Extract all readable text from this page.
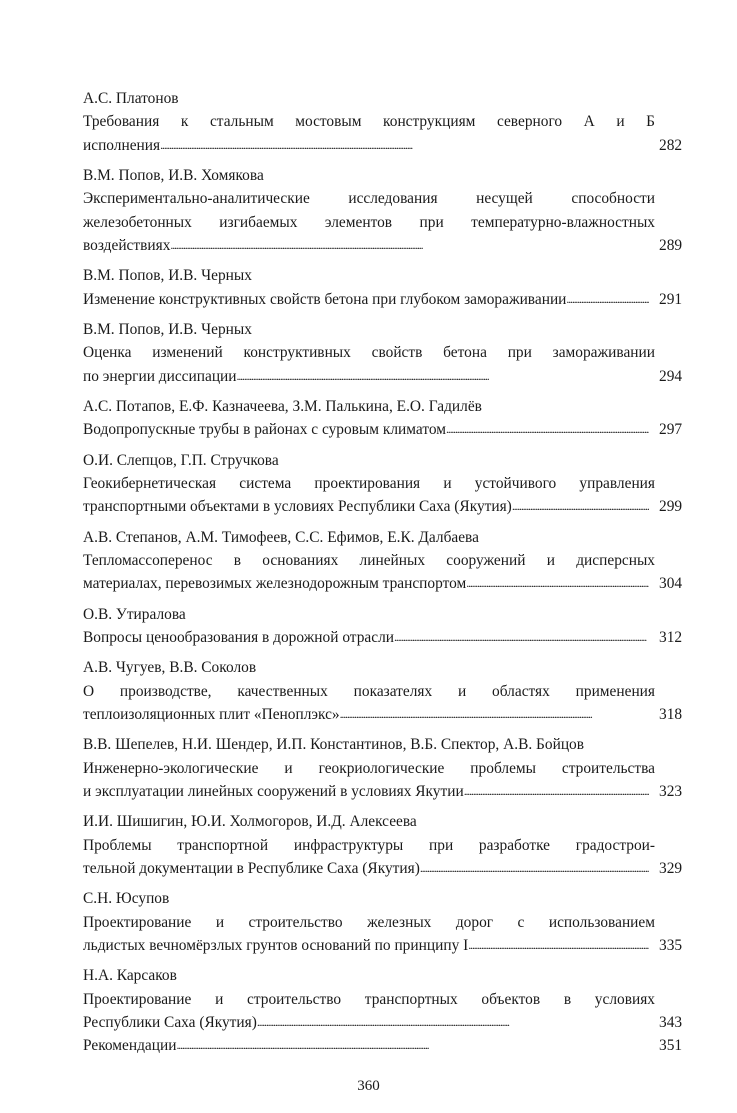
А.С. Платонов
Требования к стальным мостовым конструкциям северного А и Б
исполнения . . .	282
В.М. Попов, И.В. Хомякова
Экспериментально-аналитические исследования несущей способности
железобетонных изгибаемых элементов при температурно-влажностных
воздействиях . . .	289
В.М. Попов, И.В. Черных
Изменение конструктивных свойств бетона при глубоком замораживании . . .	291
В.М. Попов, И.В. Черных
Оценка изменений конструктивных свойств бетона при замораживании
по энергии диссипации . . .	294
А.С. Потапов, Е.Ф. Казначеева, З.М. Палькина, Е.О. Гадилёв
Водопропускные трубы в районах с суровым климатом . . .	297
О.И. Слепцов, Г.П. Стручкова
Геокибернетическая система проектирования и устойчивого управления
транспортными объектами в условиях Республики Саха (Якутия) . . .	299
А.В. Степанов, А.М. Тимофеев, С.С. Ефимов, Е.К. Далбаева
Тепломассоперенос в основаниях линейных сооружений и дисперсных
материалах, перевозимых железнодорожным транспортом . . .	304
О.В. Утиралова
Вопросы ценообразования в дорожной отрасли . . .	312
А.В. Чугуев, В.В. Соколов
О производстве, качественных показателях и областях применения
теплоизоляционных плит «Пеноплэкс» . . .	318
В.В. Шепелев, Н.И. Шендер, И.П. Константинов, В.Б. Спектор, А.В. Бойцов
Инженерно-экологические и геокриологические проблемы строительства
и эксплуатации линейных сооружений в условиях Якутии . . .	323
И.И. Шишигин, Ю.И. Холмогоров, И.Д. Алексеева
Проблемы транспортной инфраструктуры при разработке градострои-
тельной документации в Республике Саха (Якутия) . . .	329
С.Н. Юсупов
Проектирование и строительство железных дорог с использованием
льдистых вечномёрзлых грунтов оснований по принципу I . . .	335
Н.А. Карсаков
Проектирование и строительство транспортных объектов в условиях
Республики Саха (Якутия) . . .	343
Рекомендации . . .	351
360
